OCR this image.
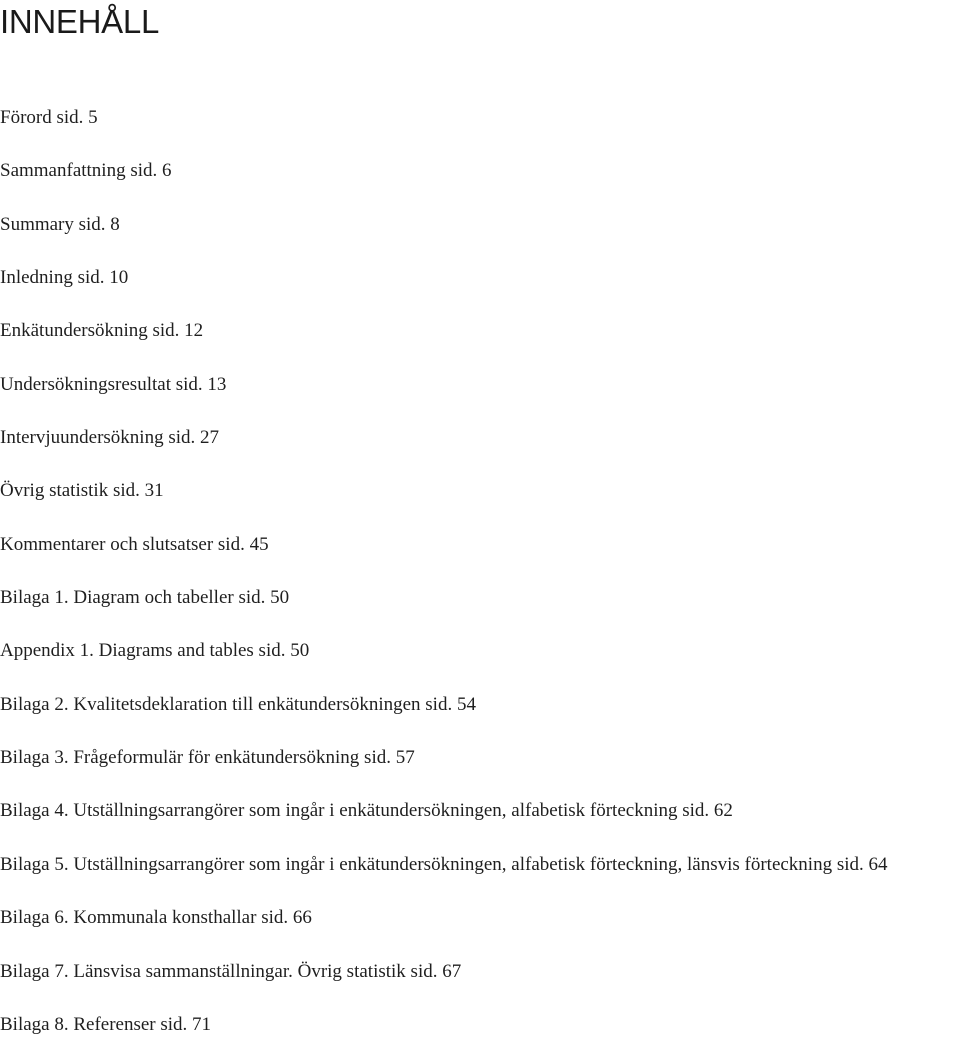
INNEHÅLL
Förord sid. 5
Sammanfattning sid. 6
Summary sid. 8
Inledning sid. 10
Enkätundersökning sid. 12
Undersökningsresultat sid. 13
Intervjuundersökning sid. 27
Övrig statistik sid. 31
Kommentarer och slutsatser sid. 45
Bilaga 1. Diagram och tabeller sid. 50
Appendix 1. Diagrams and tables sid. 50
Bilaga 2. Kvalitetsdeklaration till enkätundersökningen sid. 54
Bilaga 3. Frågeformulär för enkätundersökning sid. 57
Bilaga 4. Utställningsarrangörer som ingår i enkätundersökningen, alfabetisk förteckning sid. 62
Bilaga 5. Utställningsarrangörer som ingår i enkätundersökningen, alfabetisk förteckning, länsvis förteckning sid. 64
Bilaga 6. Kommunala konsthallar sid. 66
Bilaga 7. Länsvisa sammanställningar. Övrig statistik sid. 67
Bilaga 8. Referenser sid. 71
